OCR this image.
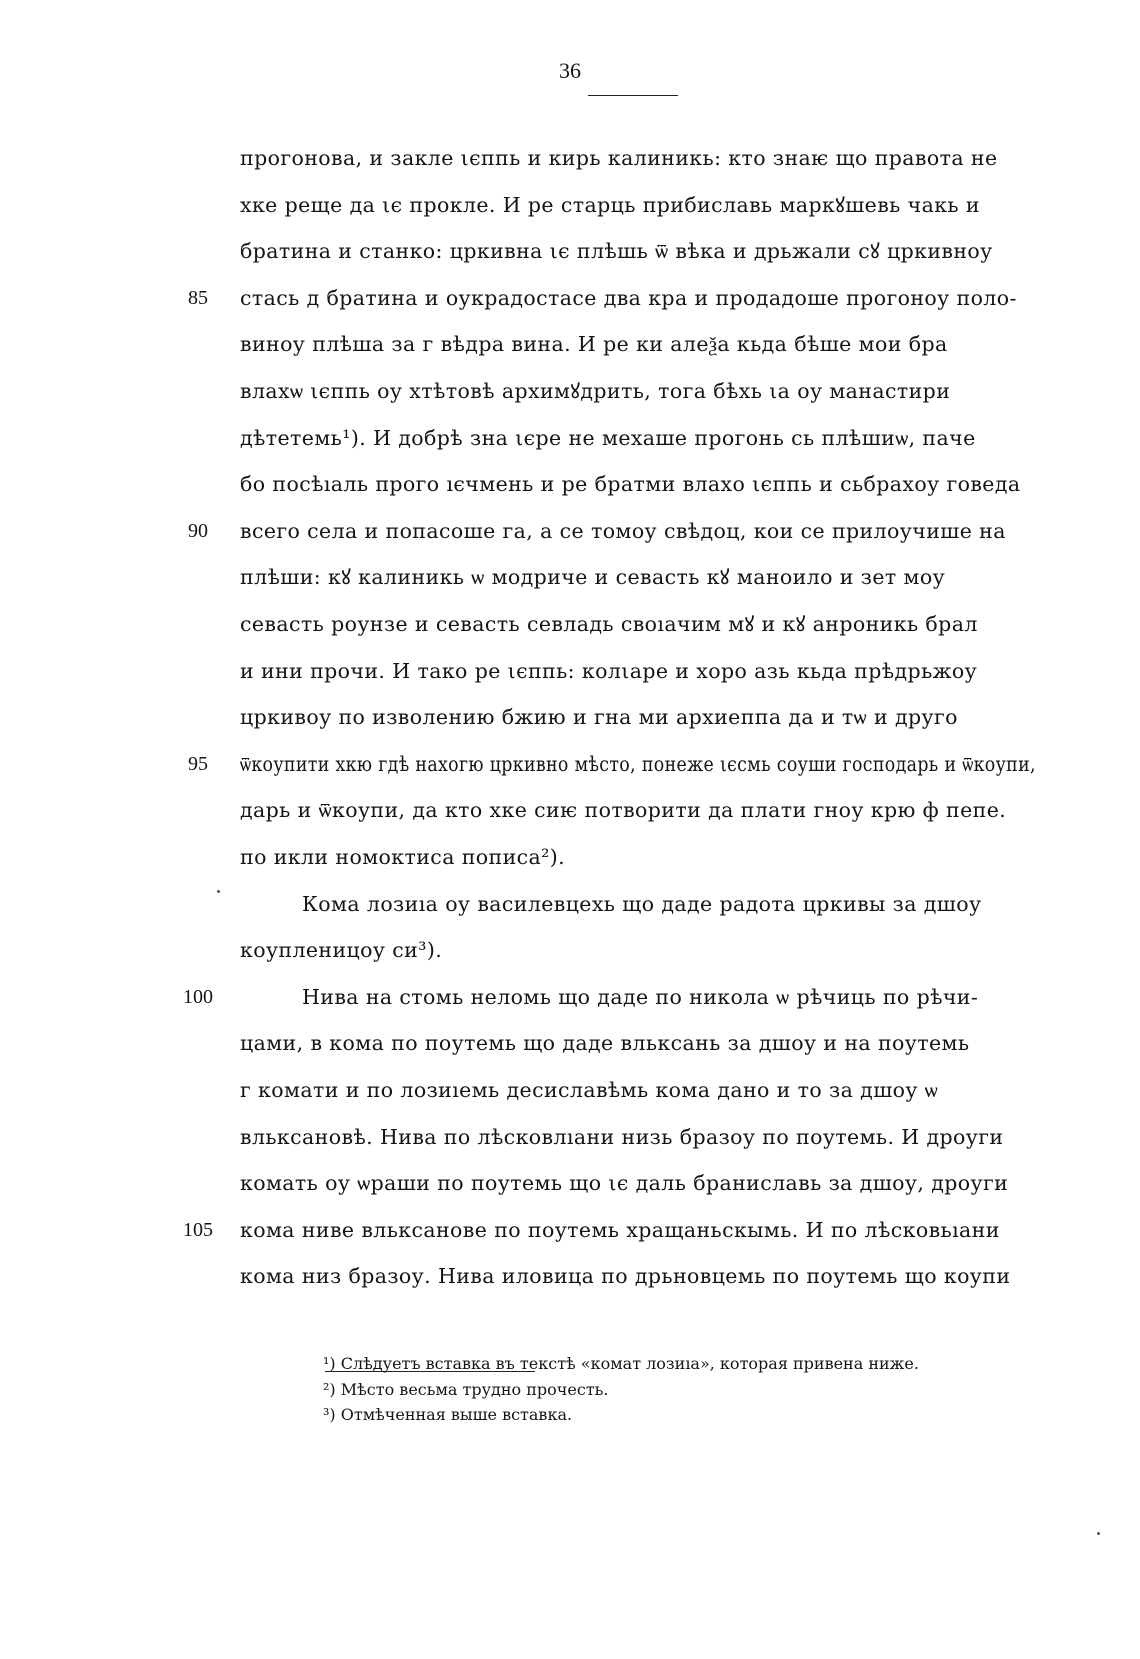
36
прогонова, и закле ιєппь и кирь калиникь: кто знаѥ що правота не
хке реще да ιє прокле. И ре старць прибиславь маркꙋшевь чакь и
братина и станко: цркивна ιє плѣшь ѿ вѣка и дрьжали сꙋ цркивноу
стась д братина и оукрадостасе два кра и продадоше прогоноу поло-
85
виноу плѣша за г вѣдра вина. И ре ки алеѯа кьда бѣше мои бра
влахѡ ιєппь оу хтѣтовѣ архимꙋдрить, тога бѣхь ιа оу манастири
дѣтетемь¹). И добрѣ зна ιєре не мехаше прогонь сь плѣшиѡ, паче
бо посѣıаль прого ıєчмень и ре братми влахо ιєппь и сьбрахоу говеда
всего села и попасоше га, а се томоу свѣдоц, кои се прилоучише на
90
плѣши: кꙋ калиникь ѡ модриче и севасть кꙋ маноило и зет моу
севасть роунзе и севасть севладь своıачим мꙋ и кꙋ анроникь брал
и ини прочи. И тако ре ιєппь: колιаре и хоро азь кьда прѣдрьжоу
цркивоу по изволению бжию и гна ми архиеппа да и тѡ и друго
ѿкоупити хкю гдѣ нахогю цркивно мѣсто, понеже ιєсмь соуши господарь и ѿкоупи,
95
дарь и ѿкоупи, да кто хке сиѥ потворити да плати гноу крю ф пепе.
по икли номоктиса пописа²).
Кома лозиıа оу василевцехь що даде радота цркивы за дшоу
коупленицоу си³).
Нива на стомь неломь що даде по никола ѡ рѣчиць по рѣчи-
100
цами, в кома по поутемь що даде вльксань за дшоу и на поутемь
г комати и по лозиıемь десиславѣмь кома дано и то за дшоу ѡ
вльксановѣ. Нива по лѣсковлıани низь бразоу по поутемь. И дроуги
комать оу ѡраши по поутемь що ιє даль браниславь за дшоу, дроуги
кома ниве вльксанове по поутемь хращаньскымь. И по лѣсковьıани
105
кома низ бразоу. Нива иловица по дрьновцемь по поутемь що коупи
¹) Слѣдуетъ вставка въ текстѣ «комат лозиıа», которая привена ниже.
²) Мѣсто весьма трудно прочесть.
³) Отмѣченная выше вставка.
